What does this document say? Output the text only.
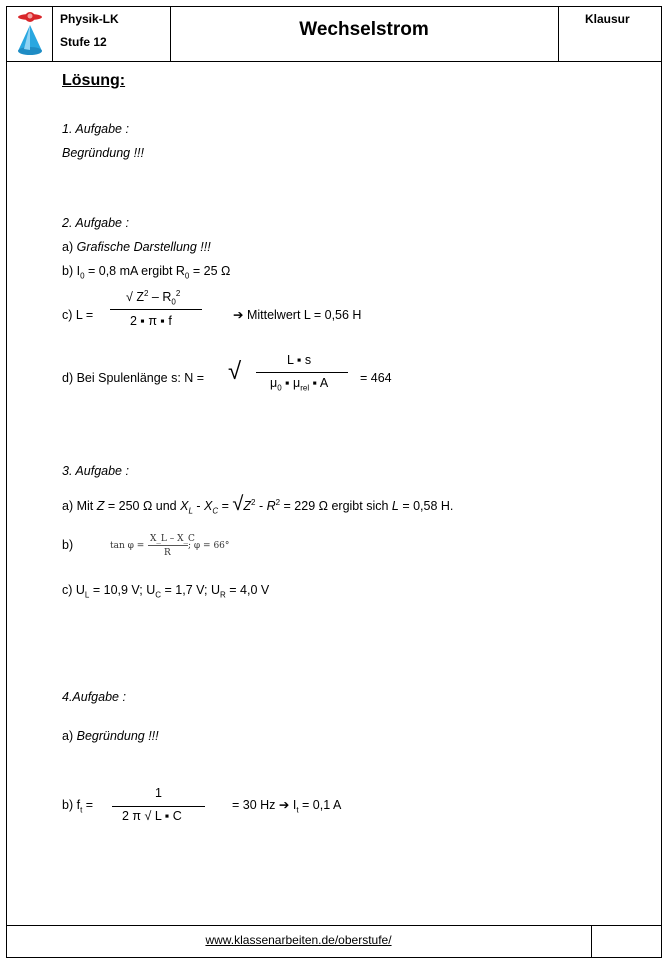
Physik-LK
Stufe 12
Wechselstrom	Klausur
Lösung:
1. Aufgabe :
Begründung !!!
2. Aufgabe :
a) Grafische Darstellung !!!
b) $I_0 = 0,8$ mA ergibt $R_0 = 25$ Ω
c) L =
√ $Z^2 - R_0^2$
2 ▪ π ▪ f	➔ Mittelwert L = 0,56 H
d) Bei Spulenlänge s: N = √	L ▪ s
$\mu_0$ ▪ $\mu_{rel}$ ▪ A	= 464
3. Aufgabe :
a) Mit Z = 250 Ω und $X_L - X_C = √Z^2 - R^2 = 229$ Ω ergibt sich L = 0,58 H.
b)	tan φ =
X_L – X_C
R
; φ = 66°
c) $U_L = 10,9$ V; $U_C = 1,7$ V; $U_R = 4,0$ V
4.Aufgabe :
a) Begründung !!!
b) $f_t$ =
1
2 π √ L ▪ C
= 30 Hz ➔ $I_t = 0,1$ A
www.klassenarbeiten.de/oberstufe/
